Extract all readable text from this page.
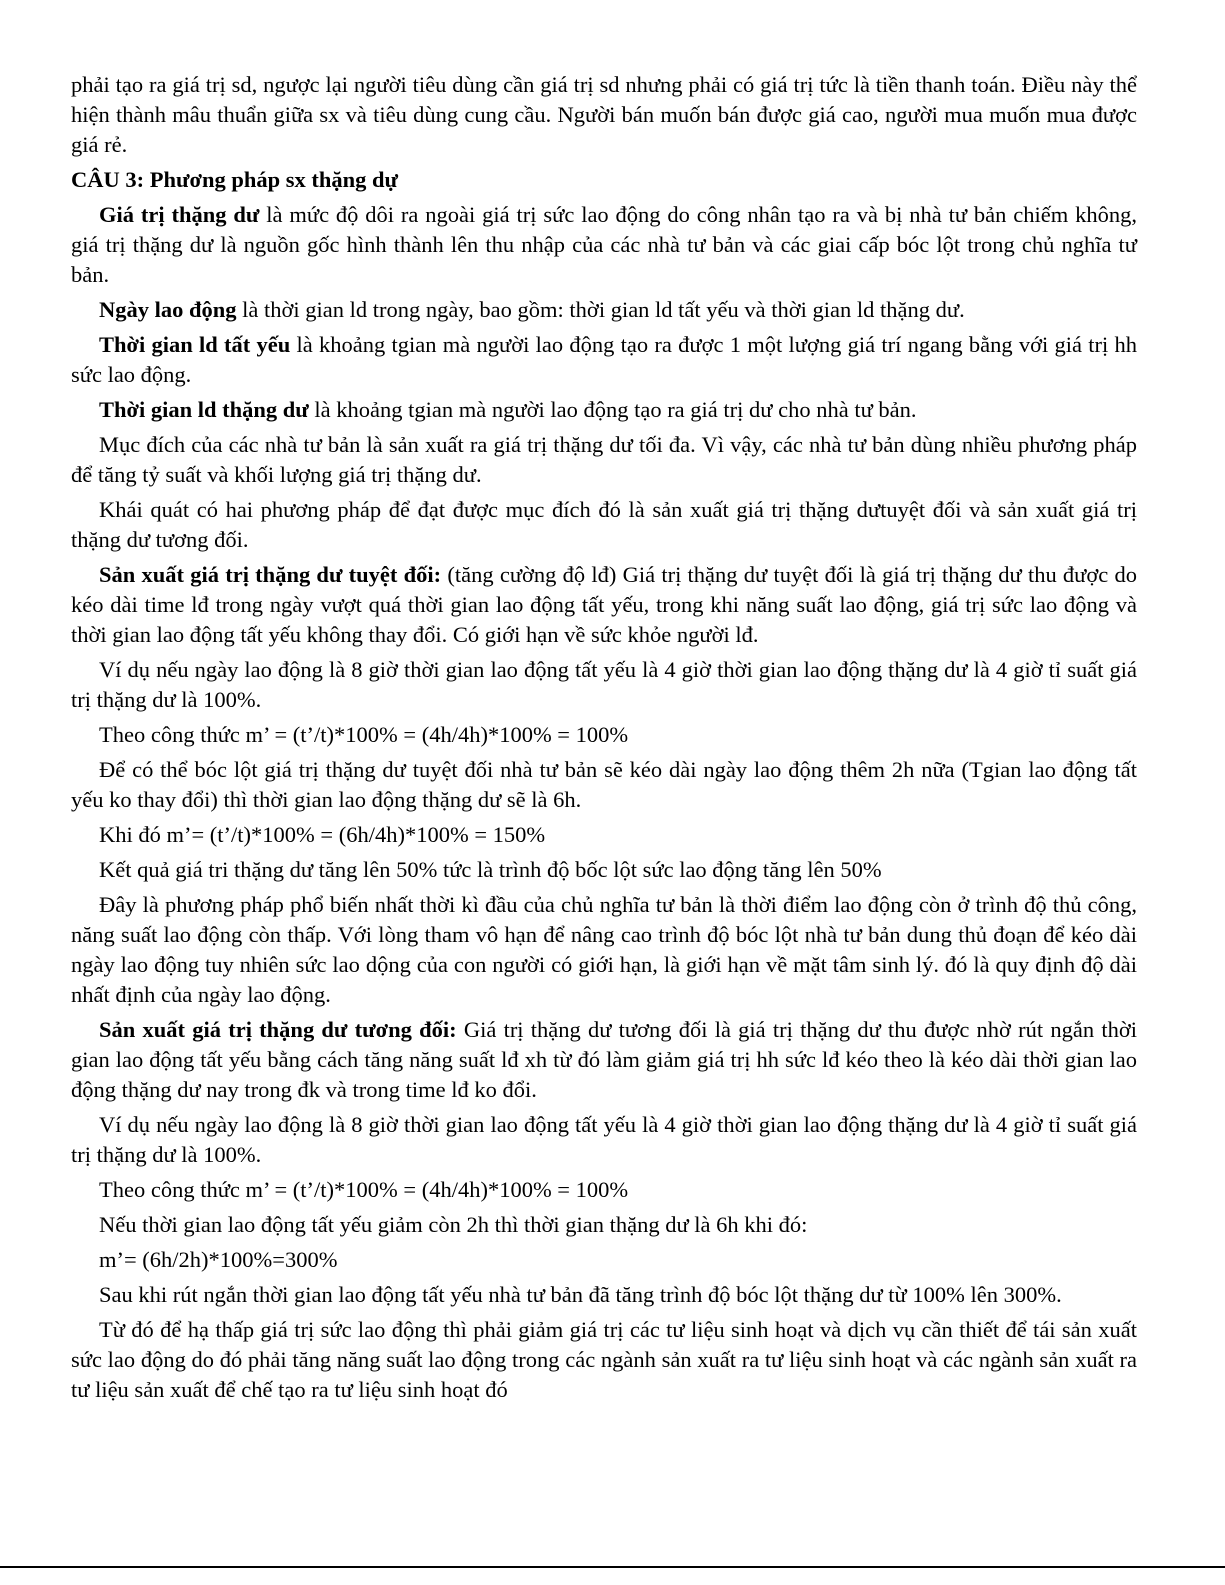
phải tạo ra giá trị sd, ngược lại người tiêu dùng cần giá trị sd nhưng phải có giá trị tức là tiền thanh toán. Điều này thể hiện thành mâu thuẩn giữa sx và tiêu dùng cung cầu. Người bán muốn bán được giá cao, người mua muốn mua được giá rẻ.

CÂU 3: Phương pháp sx thặng dự

Giá trị thặng dư là mức độ dôi ra ngoài giá trị sức lao động do công nhân tạo ra và bị nhà tư bản chiếm không, giá trị thặng dư là nguồn gốc hình thành lên thu nhập của các nhà tư bản và các giai cấp bóc lột trong chủ nghĩa tư bản.

Ngày lao động là thời gian ld trong ngày, bao gồm: thời gian ld tất yếu và thời gian ld thặng dư.

Thời gian ld tất yếu là khoảng tgian mà người lao động tạo ra được 1 một lượng giá trí ngang bằng với giá trị hh sức lao động.

Thời gian ld thặng dư là khoảng tgian mà người lao động tạo ra giá trị dư cho nhà tư bản.

Mục đích của các nhà tư bản là sản xuất ra giá trị thặng dư tối đa. Vì vậy, các nhà tư bản dùng nhiều phương pháp để tăng tỷ suất và khối lượng giá trị thặng dư.

Khái quát có hai phương pháp để đạt được mục đích đó là sản xuất giá trị thặng dưtuyệt đối và sản xuất giá trị thặng dư tương đối.

Sản xuất giá trị thặng dư tuyệt đối: (tăng cường độ lđ) Giá trị thặng dư tuyệt đối là giá trị thặng dư thu được do kéo dài time lđ trong ngày vượt quá thời gian lao động tất yếu, trong khi năng suất lao động, giá trị sức lao động và thời gian lao động tất yếu không thay đổi. Có giới hạn về sức khỏe người lđ.

Ví dụ nếu ngày lao động là 8 giờ thời gian lao động tất yếu là 4 giờ thời gian lao động thặng dư là 4 giờ tỉ suất giá trị thặng dư là 100%.

Theo công thức m’ = (t’/t)*100% = (4h/4h)*100% = 100%

Để có thể bóc lột giá trị thặng dư tuyệt đối nhà tư bản sẽ kéo dài ngày lao động thêm 2h nữa (Tgian lao động tất yếu ko thay đổi) thì thời gian lao động thặng dư sẽ là 6h.

Khi đó m’= (t’/t)*100% = (6h/4h)*100% = 150%

Kết quả giá tri thặng dư tăng lên 50% tức là trình độ bốc lột sức lao động tăng lên 50%

Đây là phương pháp phổ biến nhất thời kì đầu của chủ nghĩa tư bản là thời điểm lao động còn ở trình độ thủ công, năng suất lao động còn thấp. Với lòng tham vô hạn để nâng cao trình độ bóc lột nhà tư bản dung thủ đoạn để kéo dài ngày lao động tuy nhiên sức lao dộng của con người có giới hạn, là giới hạn về mặt tâm sinh lý. đó là quy định độ dài nhất định của ngày lao động.

Sản xuất giá trị thặng dư tương đối: Giá trị thặng dư tương đối là giá trị thặng dư thu được nhờ rút ngắn thời gian lao động tất yếu bằng cách tăng năng suất lđ xh từ đó làm giảm giá trị hh sức lđ kéo theo là kéo dài thời gian lao động thặng dư nay trong đk và trong time lđ ko đổi.

Ví dụ nếu ngày lao động là 8 giờ thời gian lao động tất yếu là 4 giờ thời gian lao động thặng dư là 4 giờ tỉ suất giá trị thặng dư là 100%.

Theo công thức m’ = (t’/t)*100% = (4h/4h)*100% = 100%

Nếu thời gian lao động tất yếu giảm còn 2h thì thời gian thặng dư là 6h khi đó:

m’= (6h/2h)*100%=300%

Sau khi rút ngắn thời gian lao động tất yếu nhà tư bản đã tăng trình độ bóc lột thặng dư từ 100% lên 300%.

Từ đó để hạ thấp giá trị sức lao động thì phải giảm giá trị các tư liệu sinh hoạt và dịch vụ cần thiết để tái sản xuất sức lao động do đó phải tăng năng suất lao động trong các ngành sản xuất ra tư liệu sinh hoạt và các ngành sản xuất ra tư liệu sản xuất để chế tạo ra tư liệu sinh hoạt đó
